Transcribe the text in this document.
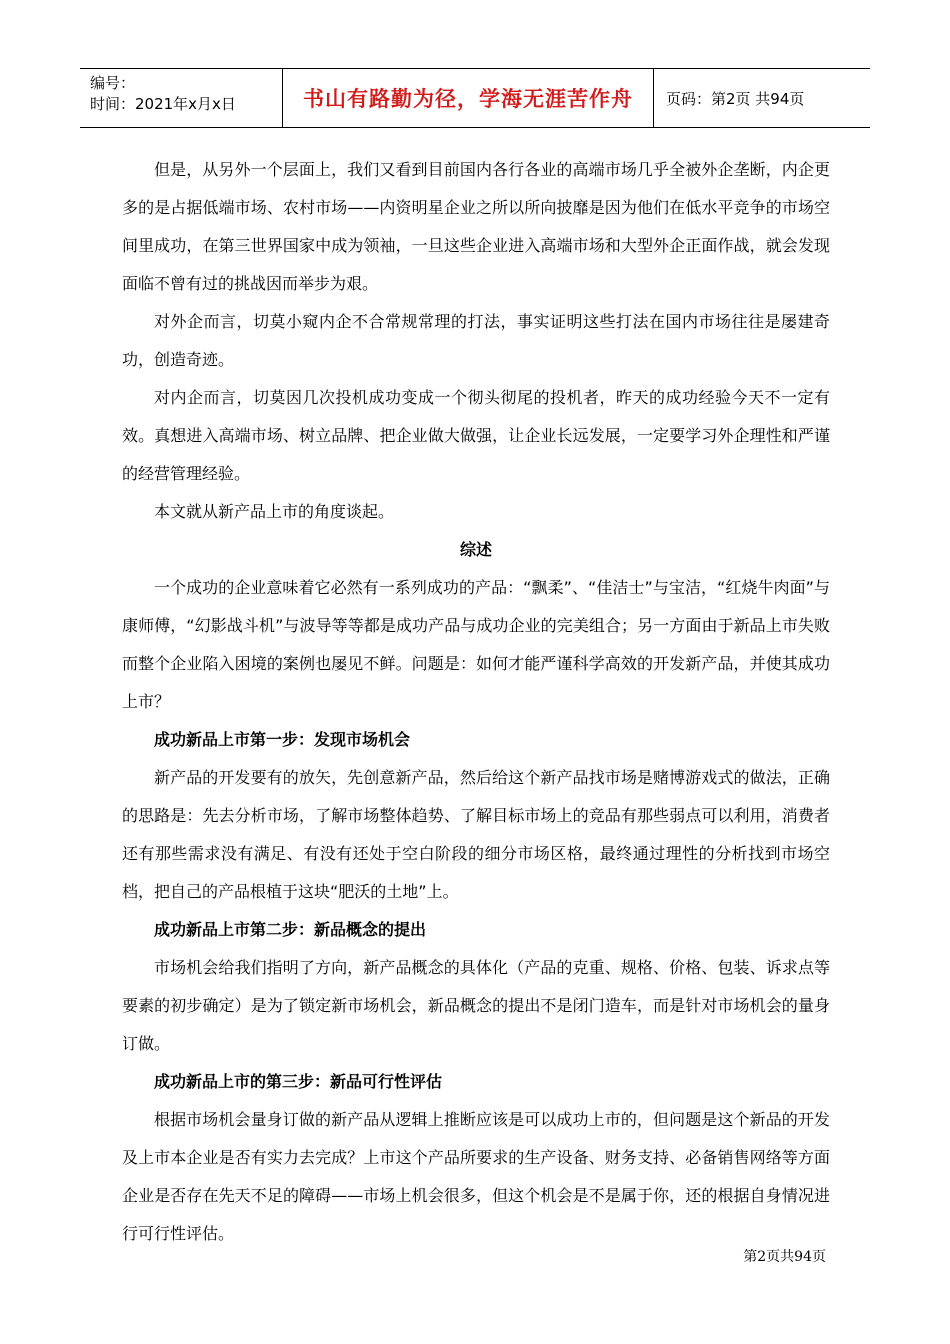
编号：
时间：2021年x月x日	书山有路勤为径，学海无涯苦作舟	页码：第2页 共94页

但是，从另外一个层面上，我们又看到目前国内各行各业的高端市场几乎全被外企垄断，内企更多的是占据低端市场、农村市场——内资明星企业之所以所向披靡是因为他们在低水平竞争的市场空间里成功，在第三世界国家中成为领袖，一旦这些企业进入高端市场和大型外企正面作战，就会发现面临不曾有过的挑战因而举步为艰。

对外企而言，切莫小窥内企不合常规常理的打法，事实证明这些打法在国内市场往往是屡建奇功，创造奇迹。

对内企而言，切莫因几次投机成功变成一个彻头彻尾的投机者，昨天的成功经验今天不一定有效。真想进入高端市场、树立品牌、把企业做大做强，让企业长远发展，一定要学习外企理性和严谨的经营管理经验。

本文就从新产品上市的角度谈起。

综述

一个成功的企业意味着它必然有一系列成功的产品：“飘柔”、“佳洁士”与宝洁，“红烧牛肉面”与康师傅，“幻影战斗机”与波导等等都是成功产品与成功企业的完美组合；另一方面由于新品上市失败而整个企业陷入困境的案例也屡见不鲜。问题是：如何才能严谨科学高效的开发新产品，并使其成功上市？

成功新品上市第一步：发现市场机会

新产品的开发要有的放矢，先创意新产品，然后给这个新产品找市场是赌博游戏式的做法，正确的思路是：先去分析市场，了解市场整体趋势、了解目标市场上的竞品有那些弱点可以利用，消费者还有那些需求没有满足、有没有还处于空白阶段的细分市场区格，最终通过理性的分析找到市场空档，把自己的产品根植于这块“肥沃的土地”上。

成功新品上市第二步：新品概念的提出

市场机会给我们指明了方向，新产品概念的具体化（产品的克重、规格、价格、包装、诉求点等要素的初步确定）是为了锁定新市场机会，新品概念的提出不是闭门造车，而是针对市场机会的量身订做。

成功新品上市的第三步：新品可行性评估

根据市场机会量身订做的新产品从逻辑上推断应该是可以成功上市的，但问题是这个新品的开发及上市本企业是否有实力去完成？上市这个产品所要求的生产设备、财务支持、必备销售网络等方面企业是否存在先天不足的障碍——市场上机会很多，但这个机会是不是属于你，还的根据自身情况进行可行性评估。

第2页共94页
